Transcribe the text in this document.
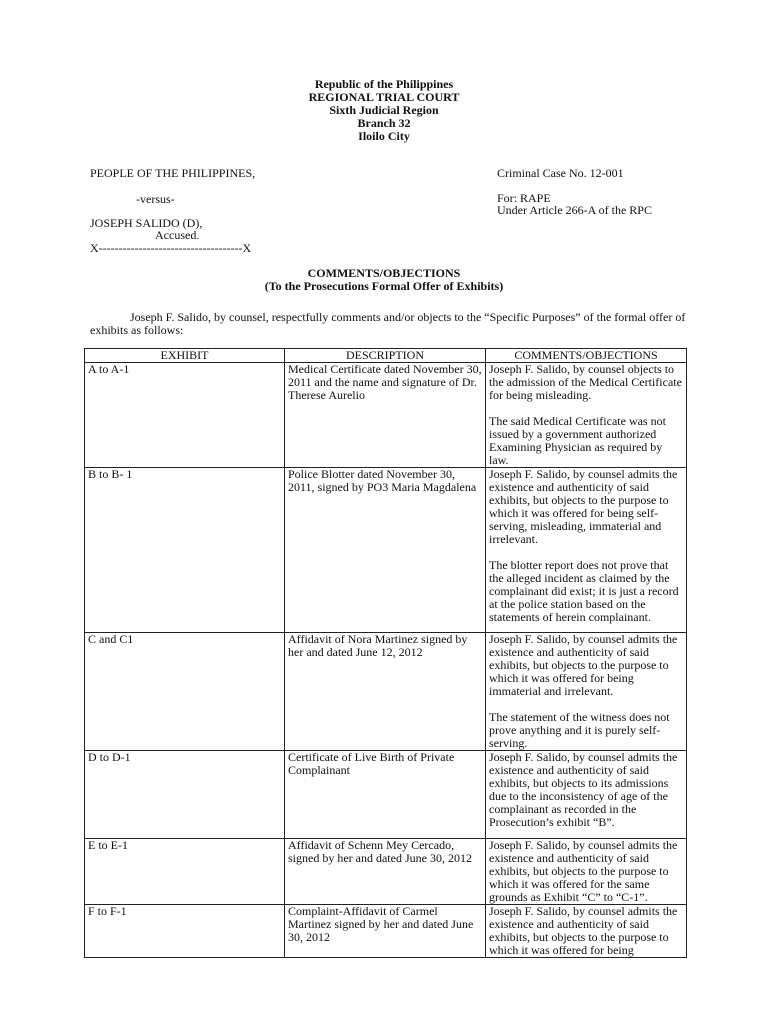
Republic of the Philippines
REGIONAL TRIAL COURT
Sixth Judicial Region
Branch 32
Iloilo City
PEOPLE OF THE PHILIPPINES,
-versus-
JOSEPH SALIDO (D),
Accused.
X------------------------------------X
Criminal Case No. 12-001
For: RAPE
Under Article 266-A of the RPC
COMMENTS/OBJECTIONS
(To the Prosecutions Formal Offer of Exhibits)
Joseph F. Salido, by counsel, respectfully comments and/or objects to the “Specific Purposes” of the formal offer of exhibits as follows:
EXHIBIT	DESCRIPTION	COMMENTS/OBJECTIONS
A to A-1	Medical Certificate dated November 30, 2011 and the name and signature of Dr. Therese Aurelio	Joseph F. Salido, by counsel objects to the admission of the Medical Certificate for being misleading.

The said Medical Certificate was not issued by a government authorized Examining Physician as required by law.

B to B- 1	Police Blotter dated November 30, 2011, signed by PO3 Maria Magdalena	Joseph F. Salido, by counsel admits the existence and authenticity of said exhibits, but objects to the purpose to which it was offered for being self-serving, misleading, immaterial and irrelevant.

The blotter report does not prove that the alleged incident as claimed by the complainant did exist; it is just a record at the police station based on the statements of herein complainant.

C and C1	Affidavit of Nora Martinez signed by her and dated June 12, 2012	Joseph F. Salido, by counsel admits the existence and authenticity of said exhibits, but objects to the purpose to which it was offered for being immaterial and irrelevant.

The statement of the witness does not prove anything and it is purely self-serving.

D to D-1	Certificate of Live Birth of Private Complainant	Joseph F. Salido, by counsel admits the existence and authenticity of said exhibits, but objects to its admissions due to the inconsistency of age of the complainant as recorded in the Prosecution’s exhibit “B”.

E to E-1	Affidavit of Schenn Mey Cercado, signed by her and dated June 30, 2012	Joseph F. Salido, by counsel admits the existence and authenticity of said exhibits, but objects to the purpose to which it was offered for the same grounds as Exhibit “C” to “C-1”.

F to F-1	Complaint-Affidavit of Carmel Martinez signed by her and dated June 30, 2012	Joseph F. Salido, by counsel admits the existence and authenticity of said exhibits, but objects to the purpose to which it was offered for being
